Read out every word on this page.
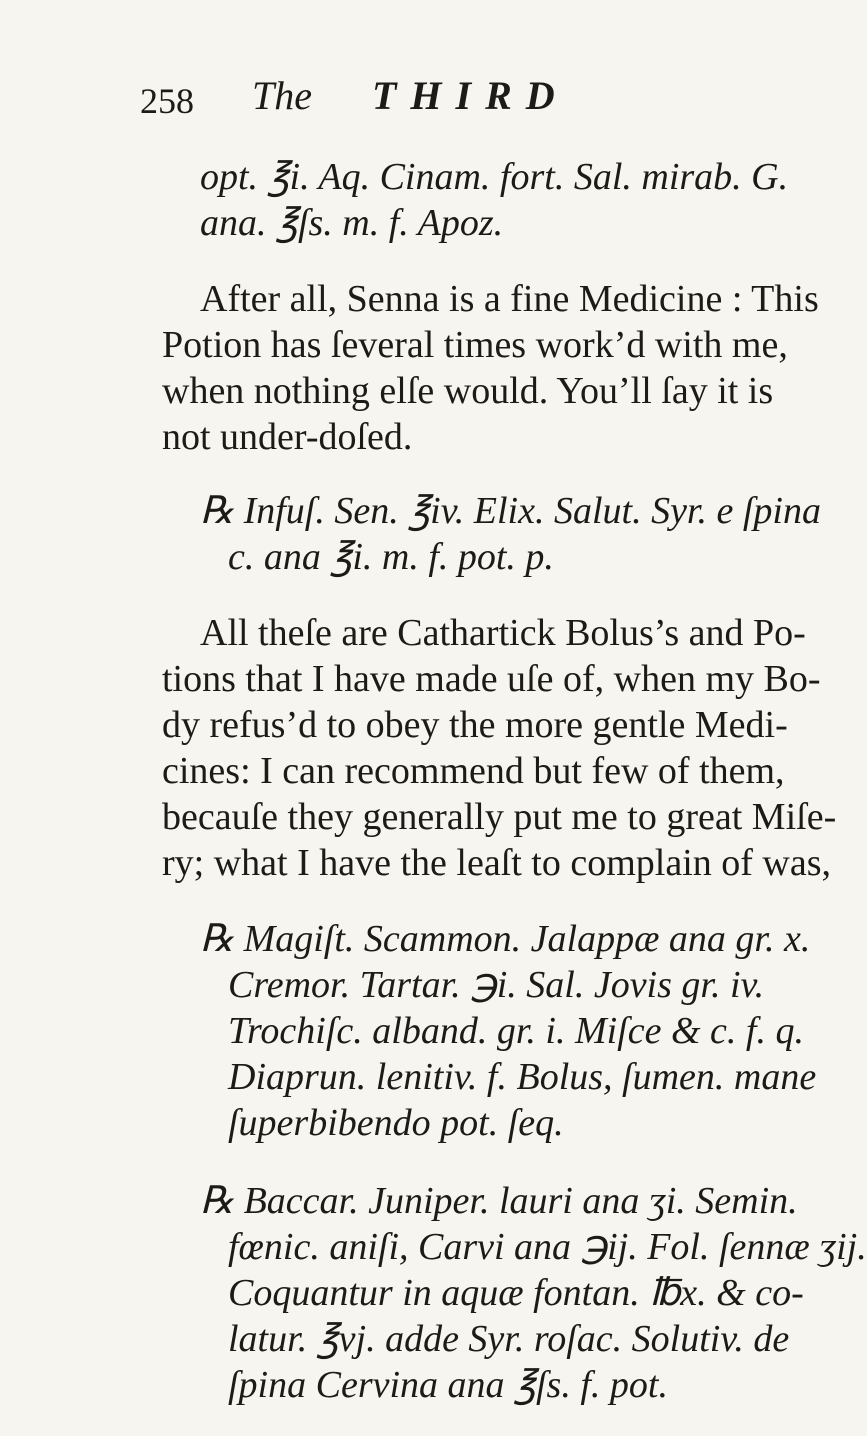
258 The THIRD
opt. ℥i. Aq. Cinam. fort. Sal. mirab. G.
ana. ℥ſs. m. f. Apoz.
After all, Senna is a fine Medicine : This
Potion has ſeveral times work’d with me,
when nothing elſe would. You’ll ſay it is
not under-doſed.
℞ Infuſ. Sen. ℥iv. Elix. Salut. Syr. e ſpina
c. ana ℥i. m. f. pot. p.
All theſe are Cathartick Bolus’s and Po-
tions that I have made uſe of, when my Bo-
dy refus’d to obey the more gentle Medi-
cines: I can recommend but few of them,
becauſe they generally put me to great Miſe-
ry; what I have the leaſt to complain of was,
℞ Magiſt. Scammon. Jalappæ ana gr. x.
Cremor. Tartar. ℈i. Sal. Jovis gr. iv.
Trochiſc. alband. gr. i. Miſce & c. f. q.
Diaprun. lenitiv. f. Bolus, ſumen. mane
ſuperbibendo pot. ſeq.
℞ Baccar. Juniper. lauri ana ʒi. Semin.
fœnic. aniſi, Carvi ana ℈ij. Fol. ſennæ ʒij.
Coquantur in aquæ fontan. ℔x. & co-
latur. ℥vj. adde Syr. roſac. Solutiv. de
ſpina Cervina ana ℥ſs. f. pot.
